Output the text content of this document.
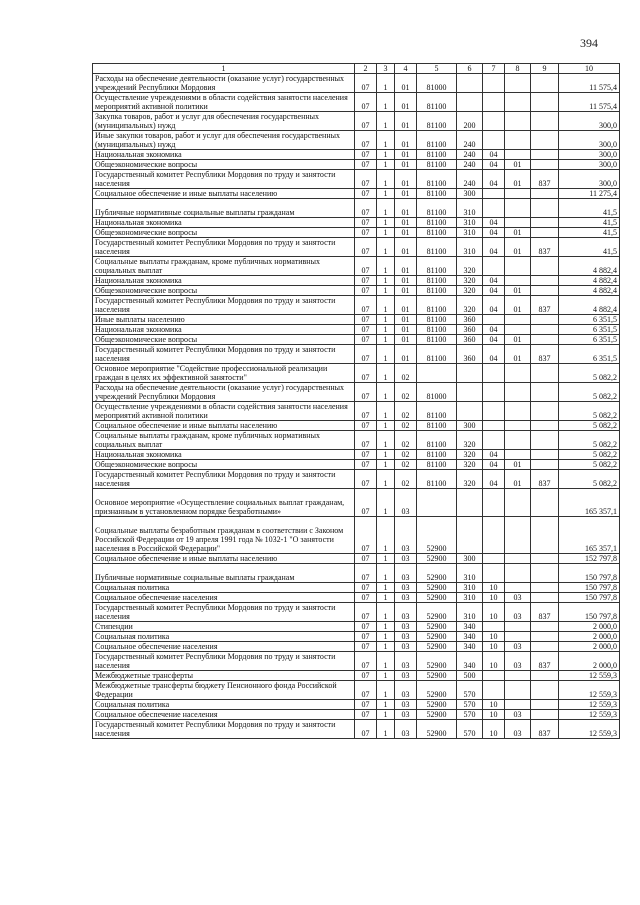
394
1	2	3	4	5	6	7	8	9	10
Расходы на обеспечение деятельности (оказание услуг) государственных учреждений Республики Мордовия	07	1	01	81000					11 575,4
Осуществление учреждениями в области содействия занятости населения мероприятий активной политики	07	1	01	81100					11 575,4
Закупка товаров, работ и услуг для обеспечения государственных (муниципальных) нужд	07	1	01	81100	200				300,0
Иные закупки товаров, работ и услуг для обеспечения государственных (муниципальных) нужд	07	1	01	81100	240				300,0
Национальная экономика	07	1	01	81100	240	04			300,0
Общеэкономические вопросы	07	1	01	81100	240	04	01		300,0
Государственный комитет Республики Мордовия по труду и занятости населения	07	1	01	81100	240	04	01	837	300,0
Социальное обеспечение и иные выплаты населению	07	1	01	81100	300				11 275,4
Публичные нормативные социальные выплаты гражданам	07	1	01	81100	310				41,5
Национальная экономика	07	1	01	81100	310	04			41,5
Общеэкономические вопросы	07	1	01	81100	310	04	01		41,5
Государственный комитет Республики Мордовия по труду и занятости населения	07	1	01	81100	310	04	01	837	41,5
Социальные выплаты гражданам, кроме публичных нормативных социальных выплат	07	1	01	81100	320				4 882,4
Национальная экономика	07	1	01	81100	320	04			4 882,4
Общеэкономические вопросы	07	1	01	81100	320	04	01		4 882,4
Государственный комитет Республики Мордовия по труду и занятости населения	07	1	01	81100	320	04	01	837	4 882,4
Иные выплаты населению	07	1	01	81100	360				6 351,5
Национальная экономика	07	1	01	81100	360	04			6 351,5
Общеэкономические вопросы	07	1	01	81100	360	04	01		6 351,5
Государственный комитет Республики Мордовия по труду и занятости населения	07	1	01	81100	360	04	01	837	6 351,5
Основное мероприятие "Содействие профессиональной реализации граждан в целях их эффективной занятости"	07	1	02						5 082,2
Расходы на обеспечение деятельности (оказание услуг) государственных учреждений Республики Мордовия	07	1	02	81000					5 082,2
Осуществление учреждениями в области содействия занятости населения мероприятий активной политики	07	1	02	81100					5 082,2
Социальное обеспечение и иные выплаты населению	07	1	02	81100	300				5 082,2
Социальные выплаты гражданам, кроме публичных нормативных социальных выплат	07	1	02	81100	320				5 082,2
Национальная экономика	07	1	02	81100	320	04			5 082,2
Общеэкономические вопросы	07	1	02	81100	320	04	01		5 082,2
Государственный комитет Республики Мордовия по труду и занятости населения	07	1	02	81100	320	04	01	837	5 082,2
Основное мероприятие «Осуществление социальных выплат гражданам, признанным в установленном порядке безработными»	07	1	03						165 357,1
Социальные выплаты безработным гражданам в соответствии с Законом Российской Федерации от 19 апреля 1991 года № 1032-1 "О занятости населения в Российской Федерации"	07	1	03	52900					165 357,1
Социальное обеспечение и иные выплаты населению	07	1	03	52900	300				152 797,8
Публичные нормативные социальные выплаты гражданам	07	1	03	52900	310				150 797,8
Социальная политика	07	1	03	52900	310	10			150 797,8
Социальное обеспечение населения	07	1	03	52900	310	10	03		150 797,8
Государственный комитет Республики Мордовия по труду и занятости населения	07	1	03	52900	310	10	03	837	150 797,8
Стипендии	07	1	03	52900	340				2 000,0
Социальная политика	07	1	03	52900	340	10			2 000,0
Социальное обеспечение населения	07	1	03	52900	340	10	03		2 000,0
Государственный комитет Республики Мордовия по труду и занятости населения	07	1	03	52900	340	10	03	837	2 000,0
Межбюджетные трансферты	07	1	03	52900	500				12 559,3
Межбюджетные трансферты бюджету Пенсионного фонда Российской Федерации	07	1	03	52900	570				12 559,3
Социальная политика	07	1	03	52900	570	10			12 559,3
Социальное обеспечение населения	07	1	03	52900	570	10	03		12 559,3
Государственный комитет Республики Мордовия по труду и занятости населения	07	1	03	52900	570	10	03	837	12 559,3
